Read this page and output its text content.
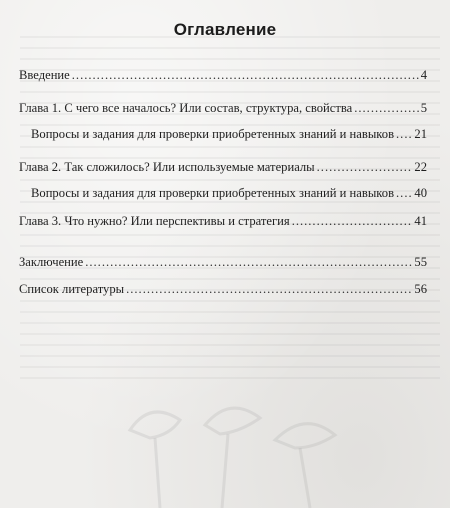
Оглавление
Введение .....	4
Глава 1. С чего все началось? Или состав, структура, свойства .....	5
Вопросы и задания для проверки приобретенных знаний и навыков ..... 21
Глава 2. Так сложилось? Или используемые материалы .....	22
Вопросы и задания для проверки приобретенных знаний и навыков ..... 40
Глава 3. Что нужно? Или перспективы и стратегия .....	41
Заключение .....	55
Список литературы .....	56
